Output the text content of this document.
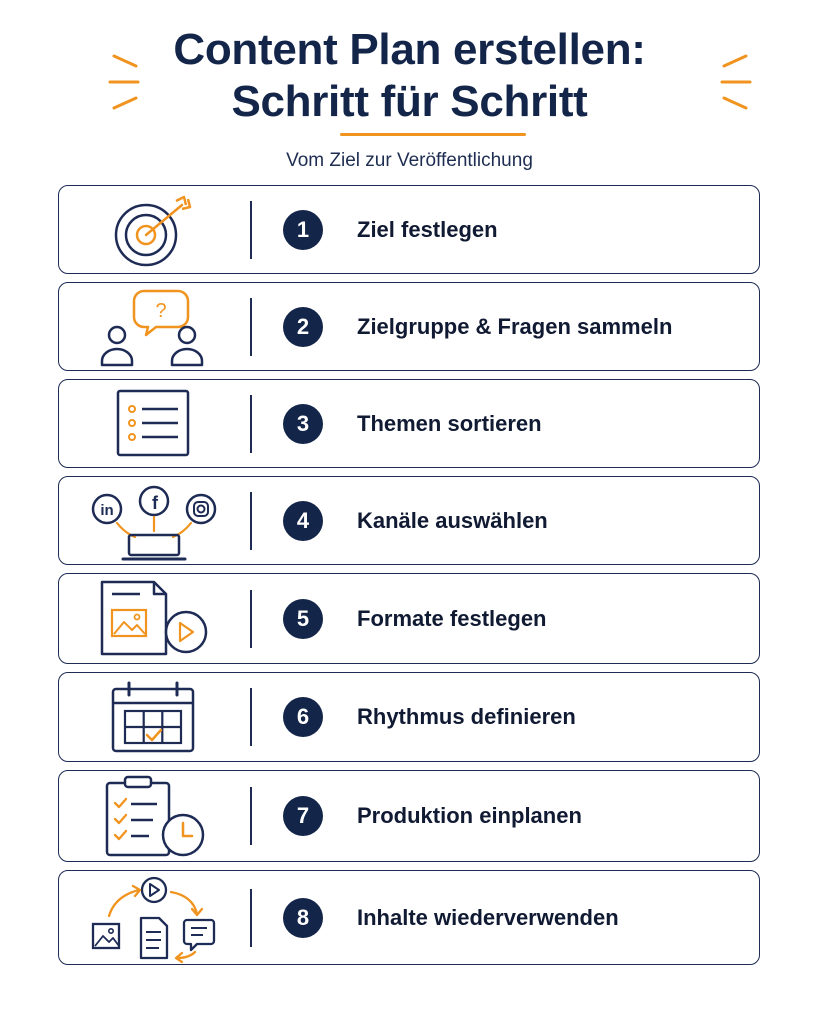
Content Plan erstellen:
Schritt für Schritt
Vom Ziel zur Veröffentlichung
1	Ziel festlegen
?
2	Zielgruppe & Fragen sammeln
3	Themen sortieren
in f
4	Kanäle auswählen
5	Formate festlegen
6	Rhythmus definieren
7	Produktion einplanen
8	Inhalte wiederverwenden
